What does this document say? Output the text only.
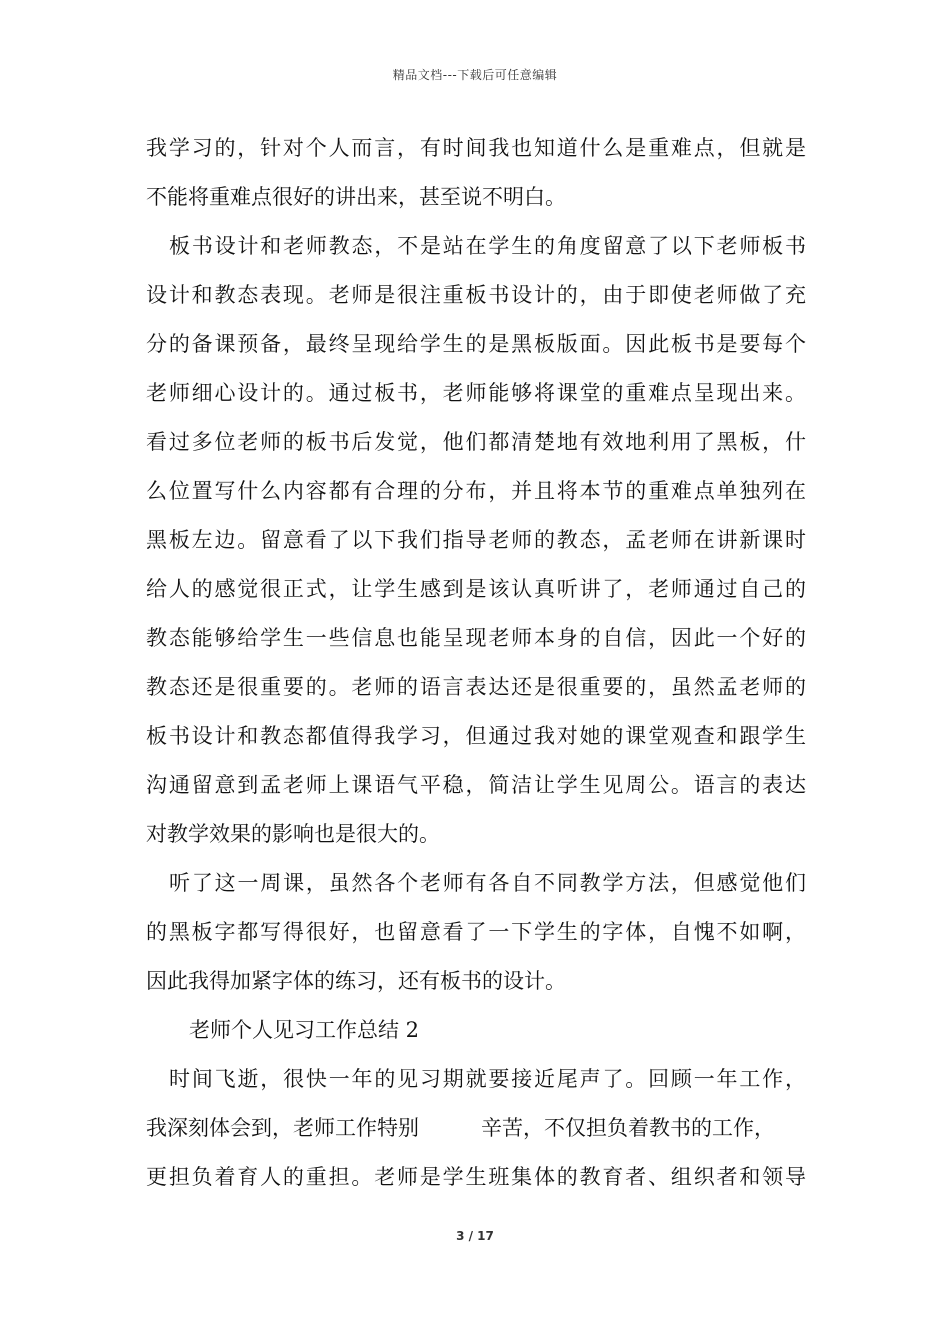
精品文档---下载后可任意编辑
我学习的，针对个人而言，有时间我也知道什么是重难点，但就是
不能将重难点很好的讲出来，甚至说不明白。
板书设计和老师教态，不是站在学生的角度留意了以下老师板书
设计和教态表现。老师是很注重板书设计的，由于即使老师做了充
分的备课预备，最终呈现给学生的是黑板版面。因此板书是要每个
老师细心设计的。通过板书，老师能够将课堂的重难点呈现出来。
看过多位老师的板书后发觉，他们都清楚地有效地利用了黑板，什
么位置写什么内容都有合理的分布，并且将本节的重难点单独列在
黑板左边。留意看了以下我们指导老师的教态，孟老师在讲新课时
给人的感觉很正式，让学生感到是该认真听讲了，老师通过自己的
教态能够给学生一些信息也能呈现老师本身的自信，因此一个好的
教态还是很重要的。老师的语言表达还是很重要的，虽然孟老师的
板书设计和教态都值得我学习，但通过我对她的课堂观查和跟学生
沟通留意到孟老师上课语气平稳，简洁让学生见周公。语言的表达
对教学效果的影响也是很大的。
听了这一周课，虽然各个老师有各自不同教学方法，但感觉他们
的黑板字都写得很好，也留意看了一下学生的字体，自愧不如啊，
因此我得加紧字体的练习，还有板书的设计。
老师个人见习工作总结 2
时间飞逝，很快一年的见习期就要接近尾声了。回顾一年工作，
我深刻体会到，老师工作特别	辛苦，不仅担负着教书的工作，
更担负着育人的重担。老师是学生班集体的教育者、组织者和领导
3 / 17
